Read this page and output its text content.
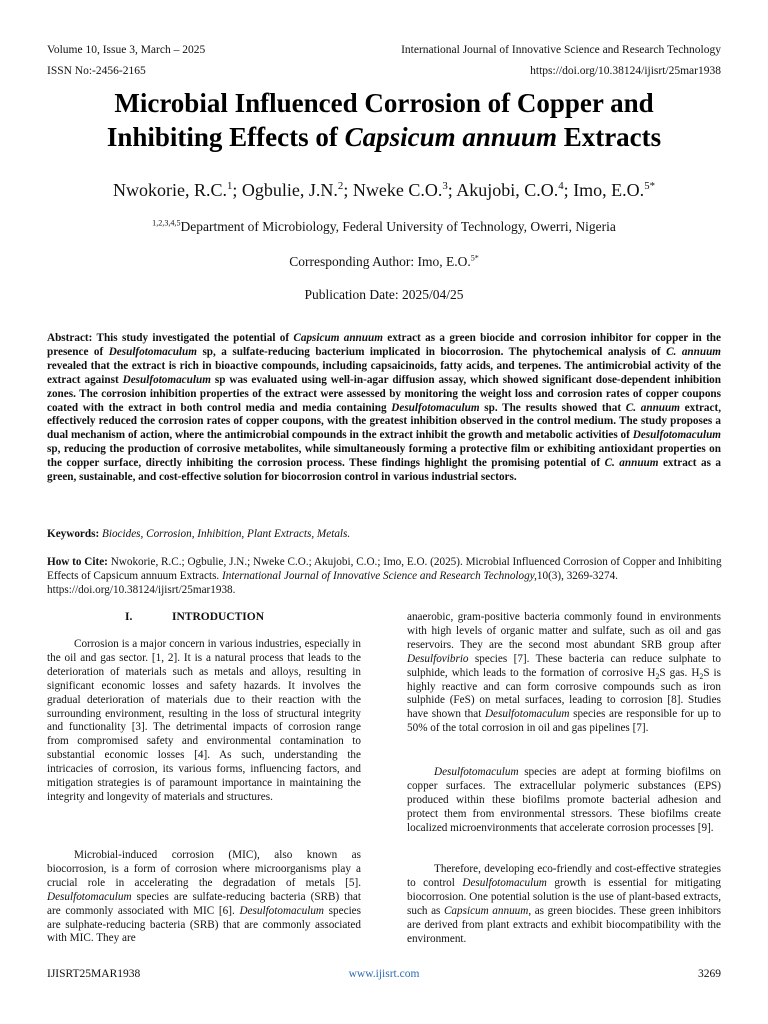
Volume 10, Issue 3, March – 2025	International Journal of Innovative Science and Research Technology
ISSN No:-2456-2165	https://doi.org/10.38124/ijisrt/25mar1938
Microbial Influenced Corrosion of Copper and
Inhibiting Effects of Capsicum annuum Extracts
Nwokorie, R.C.$^1$; Ogbulie, J.N.$^2$; Nweke C.O.$^3$; Akujobi, C.O.$^4$; Imo, E.O.$^{5*}$
$^{1,2,3,4,5}$Department of Microbiology, Federal University of Technology, Owerri, Nigeria
Corresponding Author: Imo, E.O.$^{5*}$
Publication Date: 2025/04/25
Abstract: This study investigated the potential of Capsicum annuum extract as a green biocide and corrosion inhibitor for copper in the presence of Desulfotomaculum sp, a sulfate-reducing bacterium implicated in biocorrosion. The phytochemical analysis of C. annuum revealed that the extract is rich in bioactive compounds, including capsaicinoids, fatty acids, and terpenes. The antimicrobial activity of the extract against Desulfotomaculum sp was evaluated using well-in-agar diffusion assay, which showed significant dose-dependent inhibition zones. The corrosion inhibition properties of the extract were assessed by monitoring the weight loss and corrosion rates of copper coupons coated with the extract in both control media and media containing Desulfotomaculum sp. The results showed that C. annuum extract, effectively reduced the corrosion rates of copper coupons, with the greatest inhibition observed in the control medium. The study proposes a dual mechanism of action, where the antimicrobial compounds in the extract inhibit the growth and metabolic activities of Desulfotomaculum sp, reducing the production of corrosive metabolites, while simultaneously forming a protective film or exhibiting antioxidant properties on the copper surface, directly inhibiting the corrosion process. These findings highlight the promising potential of C. annuum extract as a green, sustainable, and cost-effective solution for biocorrosion control in various industrial sectors.
Keywords: Biocides, Corrosion, Inhibition, Plant Extracts, Metals.
How to Cite: Nwokorie, R.C.; Ogbulie, J.N.; Nweke C.O.; Akujobi, C.O.; Imo, E.O. (2025). Microbial Influenced Corrosion of Copper and Inhibiting Effects of Capsicum annuum Extracts. International Journal of Innovative Science and Research Technology,10(3), 3269-3274. https://doi.org/10.38124/ijisrt/25mar1938.
I.	INTRODUCTION
Corrosion is a major concern in various industries, especially in the oil and gas sector. [1, 2]. It is a natural process that leads to the deterioration of materials such as metals and alloys, resulting in significant economic losses and safety hazards. It involves the gradual deterioration of materials due to their reaction with the surrounding environment, resulting in the loss of structural integrity and functionality [3]. The detrimental impacts of corrosion range from compromised safety and environmental contamination to substantial economic losses [4]. As such, understanding the intricacies of corrosion, its various forms, influencing factors, and mitigation strategies is of paramount importance in maintaining the integrity and longevity of materials and structures.
Microbial-induced corrosion (MIC), also known as biocorrosion, is a form of corrosion where microorganisms play a crucial role in accelerating the degradation of metals [5]. Desulfotomaculum species are sulfate-reducing bacteria (SRB) that are commonly associated with MIC [6]. Desulfotomaculum species are sulphate-reducing bacteria (SRB) that are commonly associated with MIC. They are
anaerobic, gram-positive bacteria commonly found in environments with high levels of organic matter and sulfate, such as oil and gas reservoirs. They are the second most abundant SRB group after Desulfovibrio species [7]. These bacteria can reduce sulphate to sulphide, which leads to the formation of corrosive $H_2S$ gas. $H_2S$ is highly reactive and can form corrosive compounds such as iron sulphide (FeS) on metal surfaces, leading to corrosion [8]. Studies have shown that Desulfotomaculum species are responsible for up to 50% of the total corrosion in oil and gas pipelines [7].
Desulfotomaculum species are adept at forming biofilms on copper surfaces. The extracellular polymeric substances (EPS) produced within these biofilms promote bacterial adhesion and protect them from environmental stressors. These biofilms create localized microenvironments that accelerate corrosion processes [9].
Therefore, developing eco-friendly and cost-effective strategies to control Desulfotomaculum growth is essential for mitigating biocorrosion. One potential solution is the use of plant-based extracts, such as Capsicum annuum, as green biocides. These green inhibitors are derived from plant extracts and exhibit biocompatibility with the environment.
IJISRT25MAR1938	www.ijisrt.com	3269
